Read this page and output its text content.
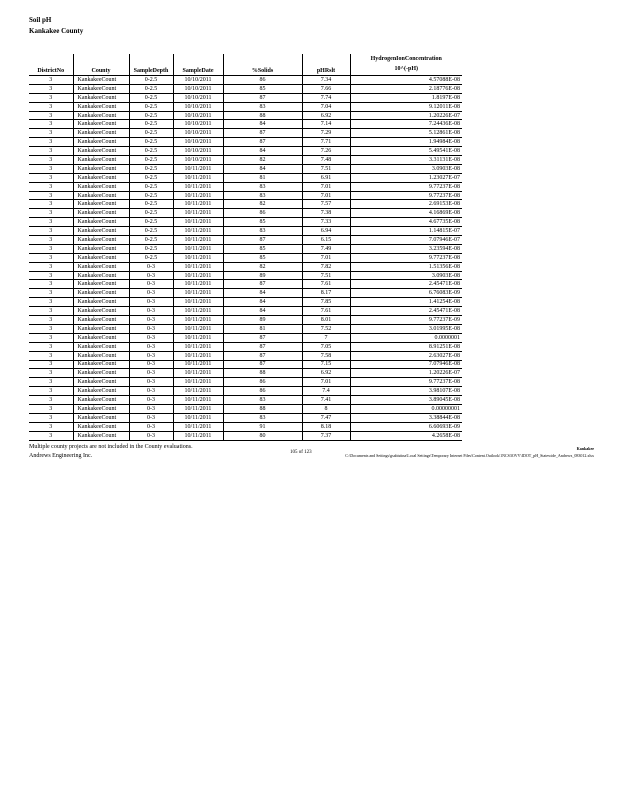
Soil pH
Kankakee County
DistrictNo	County	SampleDepth	SampleDate	%Solids	pHRslt	HydrogenIonConcentration
10^(-pH)
3	KankakeeCount	0-2.5	10/10/2011	86	7.34	4.57088E-08
3	KankakeeCount	0-2.5	10/10/2011	85	7.66	2.18776E-08
3	KankakeeCount	0-2.5	10/10/2011	87	7.74	1.8197E-08
3	KankakeeCount	0-2.5	10/10/2011	83	7.04	9.12011E-08
3	KankakeeCount	0-2.5	10/10/2011	88	6.92	1.20226E-07
3	KankakeeCount	0-2.5	10/10/2011	84	7.14	7.24436E-08
3	KankakeeCount	0-2.5	10/10/2011	87	7.29	5.12861E-08
3	KankakeeCount	0-2.5	10/10/2011	87	7.71	1.94984E-08
3	KankakeeCount	0-2.5	10/10/2011	84	7.26	5.49541E-08
3	KankakeeCount	0-2.5	10/10/2011	82	7.48	3.31131E-08
3	KankakeeCount	0-2.5	10/11/2011	84	7.51	3.0903E-08
3	KankakeeCount	0-2.5	10/11/2011	81	6.91	1.23027E-07
3	KankakeeCount	0-2.5	10/11/2011	83	7.01	9.77237E-08
3	KankakeeCount	0-2.5	10/11/2011	83	7.01	9.77237E-08
3	KankakeeCount	0-2.5	10/11/2011	82	7.57	2.69153E-08
3	KankakeeCount	0-2.5	10/11/2011	86	7.38	4.16869E-08
3	KankakeeCount	0-2.5	10/11/2011	85	7.33	4.67735E-08
3	KankakeeCount	0-2.5	10/11/2011	83	6.94	1.14815E-07
3	KankakeeCount	0-2.5	10/11/2011	87	6.15	7.07946E-07
3	KankakeeCount	0-2.5	10/11/2011	85	7.49	3.23594E-08
3	KankakeeCount	0-2.5	10/11/2011	85	7.01	9.77237E-08
3	KankakeeCount	0-3	10/11/2011	82	7.82	1.51356E-08
3	KankakeeCount	0-3	10/11/2011	89	7.51	3.0903E-08
3	KankakeeCount	0-3	10/11/2011	87	7.61	2.45471E-08
3	KankakeeCount	0-3	10/11/2011	84	8.17	6.76083E-09
3	KankakeeCount	0-3	10/11/2011	84	7.85	1.41254E-08
3	KankakeeCount	0-3	10/11/2011	84	7.61	2.45471E-08
3	KankakeeCount	0-3	10/11/2011	89	8.01	9.77237E-09
3	KankakeeCount	0-3	10/11/2011	81	7.52	3.01995E-08
3	KankakeeCount	0-3	10/11/2011	87	7	0.0000001
3	KankakeeCount	0-3	10/11/2011	87	7.05	8.91251E-08
3	KankakeeCount	0-3	10/11/2011	87	7.58	2.63027E-08
3	KankakeeCount	0-3	10/11/2011	87	7.15	7.07946E-08
3	KankakeeCount	0-3	10/11/2011	88	6.92	1.20226E-07
3	KankakeeCount	0-3	10/11/2011	86	7.01	9.77237E-08
3	KankakeeCount	0-3	10/11/2011	86	7.4	3.98107E-08
3	KankakeeCount	0-3	10/11/2011	83	7.41	3.89045E-08
3	KankakeeCount	0-3	10/11/2011	88	8	0.00000001
3	KankakeeCount	0-3	10/11/2011	83	7.47	3.38844E-08
3	KankakeeCount	0-3	10/11/2011	91	8.18	6.60693E-09
3	KankakeeCount	0-3	10/11/2011	80	7.37	4.2658E-08
Multiple county projects are not included in the County evaluations.
Andrews Engineering Inc.
105 of 123
Kankakee
C:\Documents and Settings\gsabistina\Local Settings\Temporary Internet Files\Content.Outlook\1NCS3OVV\IDOT_pH_Statewide_Andrews_083012.xlsx
